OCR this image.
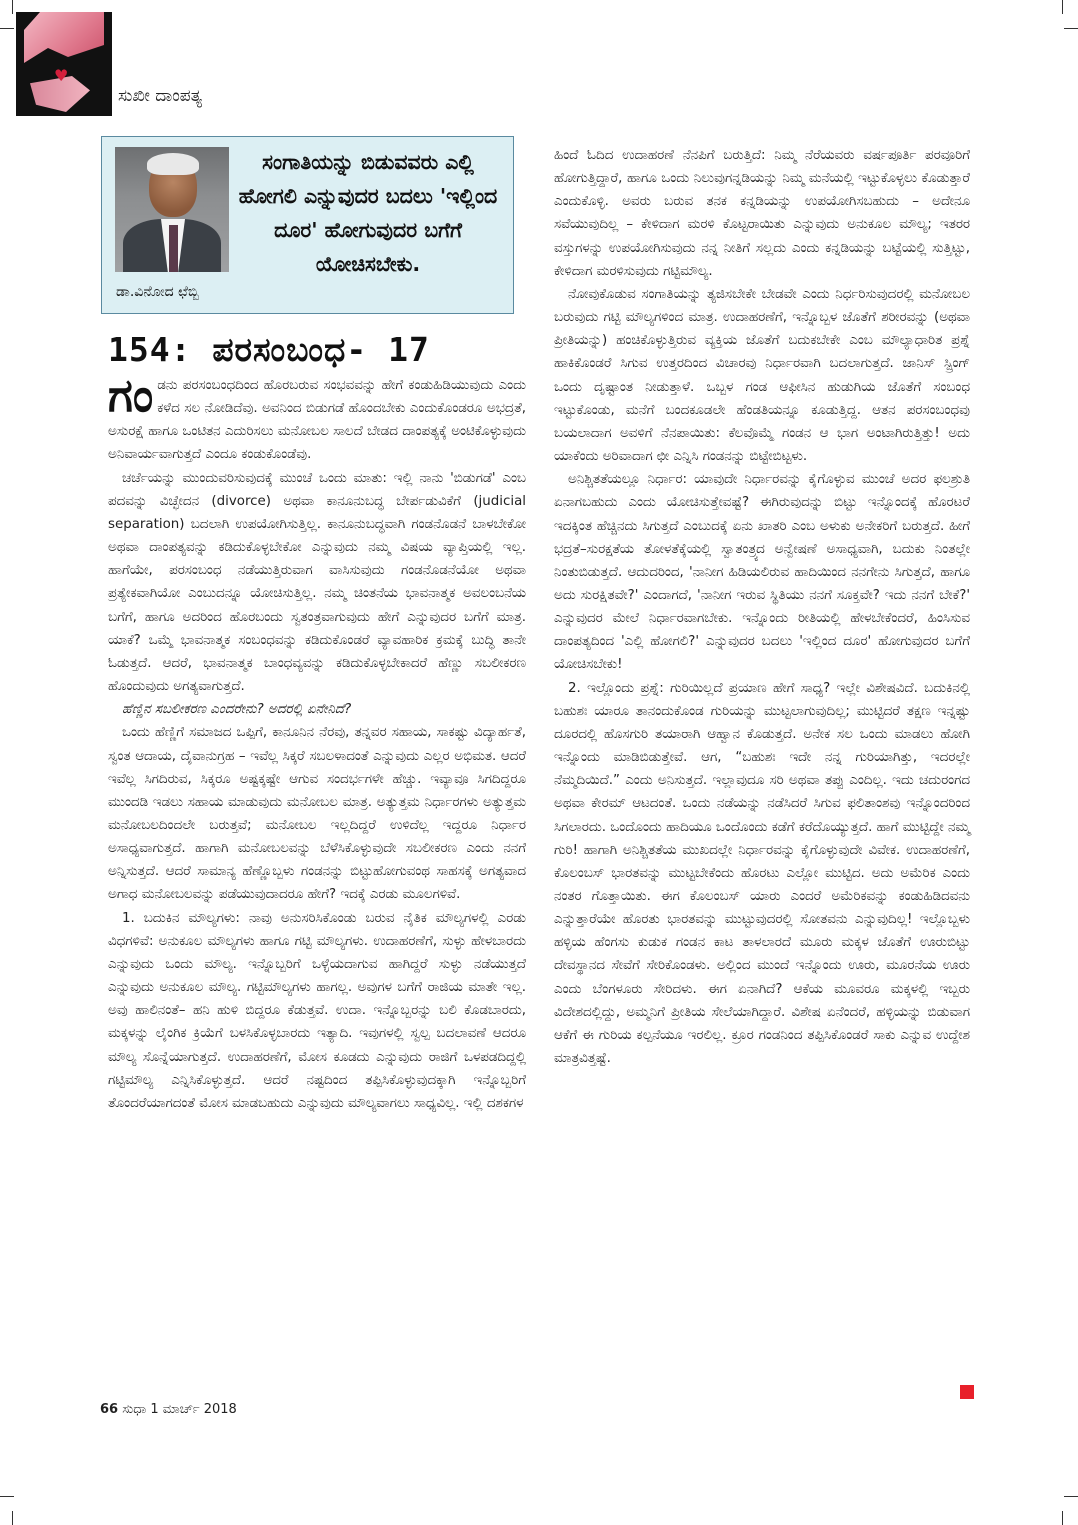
♥
ಸುಖೀ ದಾಂಪತ್ಯ
ಡಾ.ವಿನೋದ ಛೆಬ್ಬಿ
ಸಂಗಾತಿಯನ್ನು ಬಿಡುವವರು ಎಲ್ಲಿ ಹೋಗಲಿ ಎನ್ನುವುದರ ಬದಲು 'ಇಲ್ಲಿಂದ ದೂರ' ಹೋಗುವುದರ ಬಗೆಗೆ ಯೋಚಿಸಬೇಕು.
154: ಪರಸಂಬಂಧ- 17

ಗಂಡನು ಪರಸಂಬಂಧದಿಂದ ಹೊರಬರುವ ಸಂಭವವನ್ನು ಹೇಗೆ ಕಂಡುಹಿಡಿಯುವುದು ಎಂದು ಕಳೆದ ಸಲ ನೋಡಿದೆವು. ಅವನಿಂದ ಬಿಡುಗಡೆ ಹೊಂದಬೇಕು ಎಂದುಕೊಂಡರೂ ಅಭದ್ರತೆ, ಅಸುರಕ್ಷೆ ಹಾಗೂ ಒಂಟಿತನ ಎದುರಿಸಲು ಮನೋಬಲ ಸಾಲದೆ ಬೇಡದ ದಾಂಪತ್ಯಕ್ಕೆ ಅಂಟಿಕೊಳ್ಳುವುದು ಅನಿವಾರ್ಯವಾಗುತ್ತದೆ ಎಂದೂ ಕಂಡುಕೊಂಡೆವು.

ಚರ್ಚೆಯನ್ನು ಮುಂದುವರಿಸುವುದಕ್ಕೆ ಮುಂಚೆ ಒಂದು ಮಾತು: ಇಲ್ಲಿ ನಾನು 'ಬಿಡುಗಡೆ' ಎಂಬ ಪದವನ್ನು ವಿಚ್ಛೇದನ (divorce) ಅಥವಾ ಕಾನೂನುಬದ್ಧ ಬೇರ್ಪಡುವಿಕೆಗೆ (judicial separation) ಬದಲಾಗಿ ಉಪಯೋಗಿಸುತ್ತಿಲ್ಲ. ಕಾನೂನುಬದ್ಧವಾಗಿ ಗಂಡನೊಡನೆ ಬಾಳಬೇಕೋ ಅಥವಾ ದಾಂಪತ್ಯವನ್ನು ಕಡಿದುಕೊಳ್ಳಬೇಕೋ ಎನ್ನುವುದು ನಮ್ಮ ವಿಷಯ ವ್ಯಾಪ್ತಿಯಲ್ಲಿ ಇಲ್ಲ. ಹಾಗೆಯೇ, ಪರಸಂಬಂಧ ನಡೆಯುತ್ತಿರುವಾಗ ವಾಸಿಸುವುದು ಗಂಡನೊಡನೆಯೋ ಅಥವಾ ಪ್ರತ್ಯೇಕವಾಗಿಯೋ ಎಂಬುದನ್ನೂ ಯೋಚಿಸುತ್ತಿಲ್ಲ. ನಮ್ಮ ಚಿಂತನೆಯ ಭಾವನಾತ್ಮಕ ಅವಲಂಬನೆಯ ಬಗೆಗೆ, ಹಾಗೂ ಅದರಿಂದ ಹೊರಬಂದು ಸ್ವತಂತ್ರವಾಗುವುದು ಹೇಗೆ ಎನ್ನುವುದರ ಬಗೆಗೆ ಮಾತ್ರ. ಯಾಕೆ? ಒಮ್ಮೆ ಭಾವನಾತ್ಮಕ ಸಂಬಂಧವನ್ನು ಕಡಿದುಕೊಂಡರೆ ವ್ಯಾವಹಾರಿಕ ಕ್ರಮಕ್ಕೆ ಬುದ್ಧಿ ತಾನೇ ಓಡುತ್ತದೆ. ಆದರೆ, ಭಾವನಾತ್ಮಕ ಬಾಂಧವ್ಯವನ್ನು ಕಡಿದುಕೊಳ್ಳಬೇಕಾದರೆ ಹೆಣ್ಣು ಸಬಲೀಕರಣ ಹೊಂದುವುದು ಅಗತ್ಯವಾಗುತ್ತದೆ.

ಹೆಣ್ಣಿನ ಸಬಲೀಕರಣ ಎಂದರೇನು? ಅದರಲ್ಲಿ ಏನೇನಿದೆ?

ಒಂದು ಹೆಣ್ಣಿಗೆ ಸಮಾಜದ ಒಪ್ಪಿಗೆ, ಕಾನೂನಿನ ನೆರವು, ತನ್ನವರ ಸಹಾಯ, ಸಾಕಷ್ಟು ವಿದ್ಯಾರ್ಹತೆ, ಸ್ವಂತ ಆದಾಯ, ದೈವಾನುಗ್ರಹ – ಇವೆಲ್ಲ ಸಿಕ್ಕರೆ ಸಬಲಳಾದಂತೆ ಎನ್ನುವುದು ಎಲ್ಲರ ಅಭಿಮತ. ಆದರೆ ಇವೆಲ್ಲ ಸಿಗದಿರುವ, ಸಿಕ್ಕರೂ ಅಷ್ಟಕ್ಕಷ್ಟೇ ಆಗುವ ಸಂದರ್ಭಗಳೇ ಹೆಚ್ಚು. ಇವ್ಯಾವೂ ಸಿಗದಿದ್ದರೂ ಮುಂದಡಿ ಇಡಲು ಸಹಾಯ ಮಾಡುವುದು ಮನೋಬಲ ಮಾತ್ರ. ಅತ್ಯುತ್ತಮ ನಿರ್ಧಾರಗಳು ಅತ್ಯುತ್ತಮ ಮನೋಬಲದಿಂದಲೇ ಬರುತ್ತವೆ; ಮನೋಬಲ ಇಲ್ಲದಿದ್ದರೆ ಉಳಿದೆಲ್ಲ ಇದ್ದರೂ ನಿರ್ಧಾರ ಅಸಾಧ್ಯವಾಗುತ್ತದೆ. ಹಾಗಾಗಿ ಮನೋಬಲವನ್ನು ಬೆಳೆಸಿಕೊಳ್ಳುವುದೇ ಸಬಲೀಕರಣ ಎಂದು ನನಗೆ ಅನ್ನಿಸುತ್ತದೆ. ಆದರೆ ಸಾಮಾನ್ಯ ಹೆಣ್ಣೊಬ್ಬಳು ಗಂಡನನ್ನು ಬಿಟ್ಟುಹೋಗುವಂಥ ಸಾಹಸಕ್ಕೆ ಅಗತ್ಯವಾದ ಅಗಾಧ ಮನೋಬಲವನ್ನು ಪಡೆಯುವುದಾದರೂ ಹೇಗೆ? ಇದಕ್ಕೆ ಎರಡು ಮೂಲಗಳಿವೆ.

1. ಬದುಕಿನ ಮೌಲ್ಯಗಳು: ನಾವು ಅನುಸರಿಸಿಕೊಂಡು ಬರುವ ನೈತಿಕ ಮೌಲ್ಯಗಳಲ್ಲಿ ಎರಡು ವಿಧಗಳಿವೆ: ಅನುಕೂಲ ಮೌಲ್ಯಗಳು ಹಾಗೂ ಗಟ್ಟಿ ಮೌಲ್ಯಗಳು. ಉದಾಹರಣೆಗೆ, ಸುಳ್ಳು ಹೇಳಬಾರದು ಎನ್ನುವುದು ಒಂದು ಮೌಲ್ಯ. ಇನ್ನೊಬ್ಬರಿಗೆ ಒಳ್ಳೆಯದಾಗುವ ಹಾಗಿದ್ದರೆ ಸುಳ್ಳು ನಡೆಯುತ್ತದೆ ಎನ್ನುವುದು ಅನುಕೂಲ ಮೌಲ್ಯ. ಗಟ್ಟಿಮೌಲ್ಯಗಳು ಹಾಗಲ್ಲ. ಅವುಗಳ ಬಗೆಗೆ ರಾಜಿಯ ಮಾತೇ ಇಲ್ಲ. ಅವು ಹಾಲಿನಂತೆ– ಹನಿ ಹುಳಿ ಬಿದ್ದರೂ ಕೆಡುತ್ತವೆ. ಉದಾ. ಇನ್ನೊಬ್ಬರನ್ನು ಬಲಿ ಕೊಡಬಾರದು, ಮಕ್ಕಳನ್ನು ಲೈಂಗಿಕ ಕ್ರಿಯೆಗೆ ಬಳಸಿಕೊಳ್ಳಬಾರದು ಇತ್ಯಾದಿ. ಇವುಗಳಲ್ಲಿ ಸ್ವಲ್ಪ ಬದಲಾವಣೆ ಆದರೂ ಮೌಲ್ಯ ಸೊನ್ನೆಯಾಗುತ್ತದೆ. ಉದಾಹರಣೆಗೆ, ಮೋಸ ಕೂಡದು ಎನ್ನುವುದು ರಾಜಿಗೆ ಒಳಪಡದಿದ್ದಲ್ಲಿ ಗಟ್ಟಿಮೌಲ್ಯ ಎನ್ನಿಸಿಕೊಳ್ಳುತ್ತದೆ. ಆದರೆ ನಷ್ಟದಿಂದ ತಪ್ಪಿಸಿಕೊಳ್ಳುವುದಕ್ಕಾಗಿ ಇನ್ನೊಬ್ಬರಿಗೆ ತೊಂದರೆಯಾಗದಂತೆ ಮೋಸ ಮಾಡಬಹುದು ಎನ್ನುವುದು ಮೌಲ್ಯವಾಗಲು ಸಾಧ್ಯವಿಲ್ಲ. ಇಲ್ಲಿ ದಶಕಗಳ

ಹಿಂದೆ ಓದಿದ ಉದಾಹರಣೆ ನೆನಪಿಗೆ ಬರುತ್ತಿದೆ: ನಿಮ್ಮ ನೆರೆಯವರು ವರ್ಷಪೂರ್ತಿ ಪರವೂರಿಗೆ ಹೋಗುತ್ತಿದ್ದಾರೆ, ಹಾಗೂ ಒಂದು ನಿಲುವುಗನ್ನಡಿಯನ್ನು ನಿಮ್ಮ ಮನೆಯಲ್ಲಿ ಇಟ್ಟುಕೊಳ್ಳಲು ಕೊಡುತ್ತಾರೆ ಎಂದುಕೊಳ್ಳಿ. ಅವರು ಬರುವ ತನಕ ಕನ್ನಡಿಯನ್ನು ಉಪಯೋಗಿಸಬಹುದು – ಅದೇನೂ ಸವೆಯುವುದಿಲ್ಲ – ಕೇಳಿದಾಗ ಮರಳಿ ಕೊಟ್ಟರಾಯಿತು ಎನ್ನುವುದು ಅನುಕೂಲ ಮೌಲ್ಯ; ಇತರರ ವಸ್ತುಗಳನ್ನು ಉಪಯೋಗಿಸುವುದು ನನ್ನ ನೀತಿಗೆ ಸಲ್ಲದು ಎಂದು ಕನ್ನಡಿಯನ್ನು ಬಟ್ಟೆಯಲ್ಲಿ ಸುತ್ತಿಟ್ಟು, ಕೇಳಿದಾಗ ಮರಳಿಸುವುದು ಗಟ್ಟಿಮೌಲ್ಯ.

ನೋವುಕೊಡುವ ಸಂಗಾತಿಯನ್ನು ತ್ಯಜಿಸಬೇಕೇ ಬೇಡವೇ ಎಂದು ನಿರ್ಧರಿಸುವುದರಲ್ಲಿ ಮನೋಬಲ ಬರುವುದು ಗಟ್ಟಿ ಮೌಲ್ಯಗಳಿಂದ ಮಾತ್ರ. ಉದಾಹರಣೆಗೆ, ಇನ್ನೊಬ್ಬಳ ಜೊತೆಗೆ ಶರೀರವನ್ನು (ಅಥವಾ ಪ್ರೀತಿಯನ್ನು) ಹಂಚಿಕೊಳ್ಳುತ್ತಿರುವ ವ್ಯಕ್ತಿಯ ಜೊತೆಗೆ ಬದುಕಬೇಕೇ ಎಂಬ ಮೌಲ್ಯಾಧಾರಿತ ಪ್ರಶ್ನೆ ಹಾಕಿಕೊಂಡರೆ ಸಿಗುವ ಉತ್ತರದಿಂದ ವಿಚಾರವು ನಿರ್ಧಾರವಾಗಿ ಬದಲಾಗುತ್ತದೆ. ಜಾನಿಸ್ ಸ್ಪ್ರಿಂಗ್ ಒಂದು ದೃಷ್ಟಾಂತ ನೀಡುತ್ತಾಳೆ. ಒಬ್ಬಳ ಗಂಡ ಆಫೀಸಿನ ಹುಡುಗಿಯ ಜೊತೆಗೆ ಸಂಬಂಧ ಇಟ್ಟುಕೊಂಡು, ಮನೆಗೆ ಬಂದಕೂಡಲೇ ಹೆಂಡತಿಯನ್ನೂ ಕೂಡುತ್ತಿದ್ದ. ಆತನ ಪರಸಂಬಂಧವು ಬಯಲಾದಾಗ ಅವಳಿಗೆ ನೆನಪಾಯಿತು: ಕೆಲವೊಮ್ಮೆ ಗಂಡನ ಆ ಭಾಗ ಅಂಟಾಗಿರುತ್ತಿತ್ತು! ಅದು ಯಾಕೆಂದು ಅರಿವಾದಾಗ ಛೀ ಎನ್ನಿಸಿ ಗಂಡನನ್ನು ಬಿಟ್ಟೇಬಿಟ್ಟಳು.

ಅನಿಶ್ಚಿತತೆಯಲ್ಲೂ ನಿರ್ಧಾರ: ಯಾವುದೇ ನಿರ್ಧಾರವನ್ನು ಕೈಗೊಳ್ಳುವ ಮುಂಚೆ ಅದರ ಫಲಶ್ರುತಿ ಏನಾಗಬಹುದು ಎಂದು ಯೋಚಿಸುತ್ತೇವಷ್ಟೆ? ಈಗಿರುವುದನ್ನು ಬಿಟ್ಟು ಇನ್ನೊಂದಕ್ಕೆ ಹೊರಟರೆ ಇದಕ್ಕಿಂತ ಹೆಚ್ಚಿನದು ಸಿಗುತ್ತದೆ ಎಂಬುದಕ್ಕೆ ಏನು ಖಾತರಿ ಎಂಬ ಅಳುಕು ಅನೇಕರಿಗೆ ಬರುತ್ತದೆ. ಹೀಗೆ ಭದ್ರತೆ–ಸುರಕ್ಷತೆಯ ತೋಳತೆಕ್ಕೆಯಲ್ಲಿ ಸ್ವಾತಂತ್ರ್ಯದ ಅನ್ವೇಷಣೆ ಅಸಾಧ್ಯವಾಗಿ, ಬದುಕು ನಿಂತಲ್ಲೇ ನಿಂತುಬಿಡುತ್ತದೆ. ಆದುದರಿಂದ, 'ನಾನೀಗ ಹಿಡಿಯಲಿರುವ ಹಾದಿಯಿಂದ ನನಗೇನು ಸಿಗುತ್ತದೆ, ಹಾಗೂ ಅದು ಸುರಕ್ಷಿತವೇ?' ಎಂದಾಗದೆ, 'ನಾನೀಗ ಇರುವ ಸ್ಥಿತಿಯು ನನಗೆ ಸೂಕ್ತವೇ? ಇದು ನನಗೆ ಬೇಕೆ?' ಎನ್ನುವುದರ ಮೇಲೆ ನಿರ್ಧಾರವಾಗಬೇಕು. ಇನ್ನೊಂದು ರೀತಿಯಲ್ಲಿ ಹೇಳಬೇಕೆಂದರೆ, ಹಿಂಸಿಸುವ ದಾಂಪತ್ಯದಿಂದ 'ಎಲ್ಲಿ ಹೋಗಲಿ?' ಎನ್ನುವುದರ ಬದಲು 'ಇಲ್ಲಿಂದ ದೂರ' ಹೋಗುವುದರ ಬಗೆಗೆ ಯೋಚಿಸಬೇಕು!

2. ಇಲ್ಲೊಂದು ಪ್ರಶ್ನೆ: ಗುರಿಯಿಲ್ಲದೆ ಪ್ರಯಾಣ ಹೇಗೆ ಸಾಧ್ಯ? ಇಲ್ಲೇ ವಿಶೇಷವಿದೆ. ಬದುಕಿನಲ್ಲಿ ಬಹುಶಃ ಯಾರೂ ತಾನಂದುಕೊಂಡ ಗುರಿಯನ್ನು ಮುಟ್ಟಲಾಗುವುದಿಲ್ಲ; ಮುಟ್ಟಿದರೆ ತಕ್ಷಣ ಇನ್ನಷ್ಟು ದೂರದಲ್ಲಿ ಹೊಸಗುರಿ ತಯಾರಾಗಿ ಆಹ್ವಾನ ಕೊಡುತ್ತದೆ. ಅನೇಕ ಸಲ ಒಂದು ಮಾಡಲು ಹೋಗಿ ಇನ್ನೊಂದು ಮಾಡಿಬಿಡುತ್ತೇವೆ. ಆಗ, “ಬಹುಶಃ ಇದೇ ನನ್ನ ಗುರಿಯಾಗಿತ್ತು, ಇದರಲ್ಲೇ ನೆಮ್ಮದಿಯಿದೆ.” ಎಂದು ಅನಿಸುತ್ತದೆ. ಇಲ್ಲಾವುದೂ ಸರಿ ಅಥವಾ ತಪ್ಪು ಎಂದಿಲ್ಲ. ಇದು ಚದುರಂಗದ ಅಥವಾ ಕೇರಮ್ ಆಟದಂತೆ. ಒಂದು ನಡೆಯನ್ನು ನಡೆಸಿದರೆ ಸಿಗುವ ಫಲಿತಾಂಶವು ಇನ್ನೊಂದರಿಂದ ಸಿಗಲಾರದು. ಒಂದೊಂದು ಹಾದಿಯೂ ಒಂದೊಂದು ಕಡೆಗೆ ಕರೆದೊಯ್ಯುತ್ತದೆ. ಹಾಗೆ ಮುಟ್ಟಿದ್ದೇ ನಮ್ಮ ಗುರಿ! ಹಾಗಾಗಿ ಅನಿಶ್ಚಿತತೆಯ ಮುಖದಲ್ಲೇ ನಿರ್ಧಾರವನ್ನು ಕೈಗೊಳ್ಳುವುದೇ ವಿವೇಕ. ಉದಾಹರಣೆಗೆ, ಕೊಲಂಬಸ್ ಭಾರತವನ್ನು ಮುಟ್ಟಬೇಕೆಂದು ಹೊರಟು ಎಲ್ಲೋ ಮುಟ್ಟಿದ. ಅದು ಅಮೆರಿಕ ಎಂದು ನಂತರ ಗೊತ್ತಾಯಿತು. ಈಗ ಕೊಲಂಬಸ್ ಯಾರು ಎಂದರೆ ಅಮೆರಿಕವನ್ನು ಕಂಡುಹಿಡಿದವನು ಎನ್ನುತ್ತಾರೆಯೇ ಹೊರತು ಭಾರತವನ್ನು ಮುಟ್ಟುವುದರಲ್ಲಿ ಸೋತವನು ಎನ್ನುವುದಿಲ್ಲ! ಇಲ್ಲೊಬ್ಬಳು ಹಳ್ಳಿಯ ಹೆಂಗಸು ಕುಡುಕ ಗಂಡನ ಕಾಟ ತಾಳಲಾರದೆ ಮೂರು ಮಕ್ಕಳ ಜೊತೆಗೆ ಊರುಬಿಟ್ಟು ದೇವಸ್ಥಾನದ ಸೇವೆಗೆ ಸೇರಿಕೊಂಡಳು. ಅಲ್ಲಿಂದ ಮುಂದೆ ಇನ್ನೊಂದು ಊರು, ಮೂರನೆಯ ಊರು ಎಂದು ಬೆಂಗಳೂರು ಸೇರಿದಳು. ಈಗ ಏನಾಗಿದೆ? ಆಕೆಯ ಮೂವರೂ ಮಕ್ಕಳಲ್ಲಿ ಇಬ್ಬರು ವಿದೇಶದಲ್ಲಿದ್ದು, ಅಮ್ಮನಿಗೆ ಪ್ರೀತಿಯ ಸೇಲೆಯಾಗಿದ್ದಾರೆ. ವಿಶೇಷ ಏನೆಂದರೆ, ಹಳ್ಳಿಯನ್ನು ಬಿಡುವಾಗ ಆಕೆಗೆ ಈ ಗುರಿಯ ಕಲ್ಪನೆಯೂ ಇರಲಿಲ್ಲ. ಕ್ರೂರ ಗಂಡನಿಂದ ತಪ್ಪಿಸಿಕೊಂಡರೆ ಸಾಕು ಎನ್ನುವ ಉದ್ದೇಶ ಮಾತ್ರವಿತ್ತಷ್ಟೆ.

66 ಸುಧಾ 1 ಮಾರ್ಚ್ 2018
